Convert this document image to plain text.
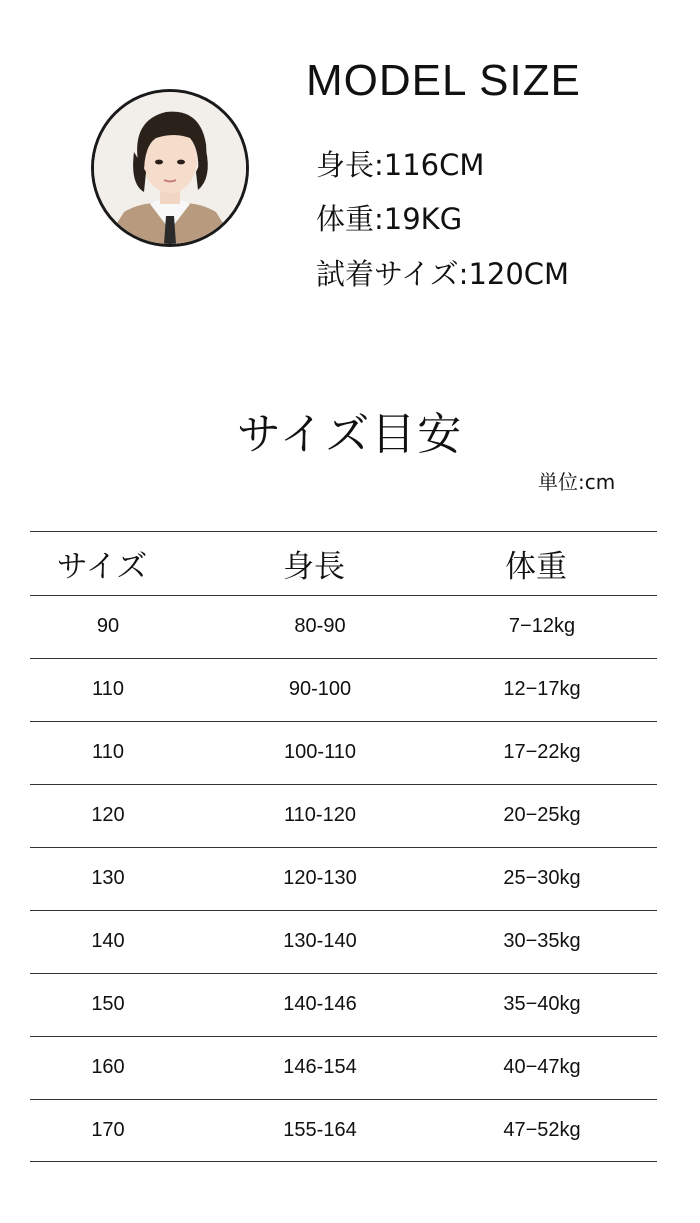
MODEL SIZE
身長:116CM
体重:19KG
試着サイズ:120CM
サイズ目安
単位:cm
サイズ	身長	体重
90	80-90	7−12kg
110	90-100	12−17kg
110	100-110	17−22kg
120	110-120	20−25kg
130	120-130	25−30kg
140	130-140	30−35kg
150	140-146	35−40kg
160	146-154	40−47kg
170	155-164	47−52kg
